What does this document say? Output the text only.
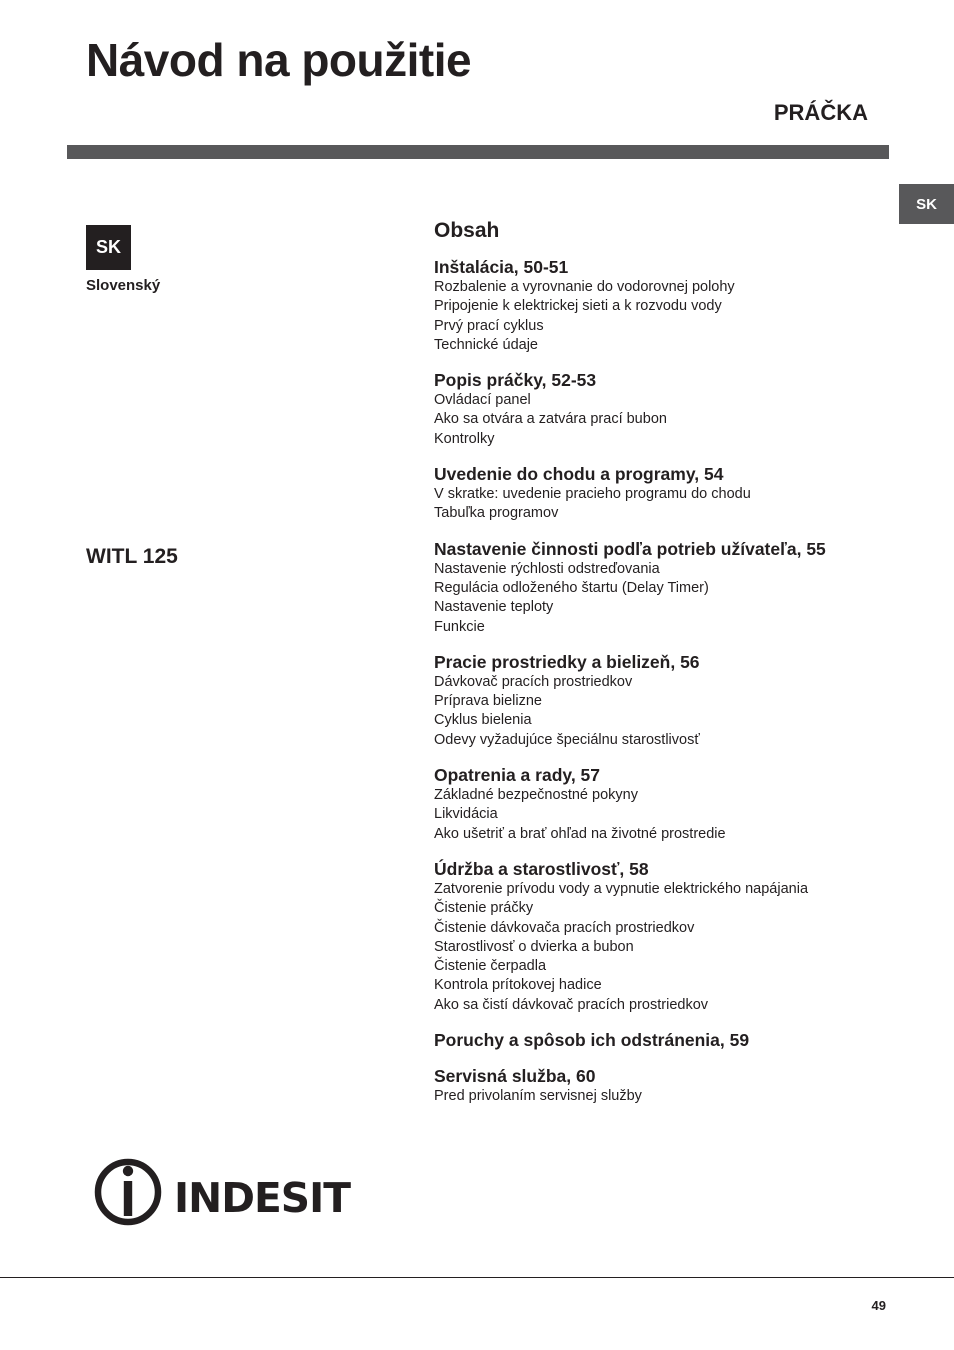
Návod na použitie
PRÁČKA
SK
SK
Slovenský
WITL 125
Obsah
Inštalácia, 50-51
Rozbalenie a vyrovnanie do vodorovnej polohy
Pripojenie k elektrickej sieti a k rozvodu vody
Prvý prací cyklus
Technické údaje
Popis práčky, 52-53
Ovládací panel
Ako sa otvára a zatvára prací bubon
Kontrolky
Uvedenie do chodu a programy, 54
V skratke: uvedenie pracieho programu do chodu
Tabuľka programov
Nastavenie činnosti podľa potrieb užívateľa, 55
Nastavenie rýchlosti odstreďovania
Regulácia odloženého štartu (Delay Timer)
Nastavenie teploty
Funkcie
Pracie prostriedky a bielizeň, 56
Dávkovač pracích prostriedkov
Príprava bielizne
Cyklus bielenia
Odevy vyžadujúce špeciálnu starostlivosť
Opatrenia a rady, 57
Základné bezpečnostné pokyny
Likvidácia
Ako ušetriť a brať ohľad na životné prostredie
Údržba a starostlivosť, 58
Zatvorenie prívodu vody a vypnutie elektrického napájania
Čistenie práčky
Čistenie dávkovača pracích prostriedkov
Starostlivosť o dvierka a bubon
Čistenie čerpadla
Kontrola prítokovej hadice
Ako sa čistí dávkovač pracích prostriedkov
Poruchy a spôsob ich odstránenia, 59
Servisná služba, 60
Pred privolaním servisnej služby
INDESIT
49
